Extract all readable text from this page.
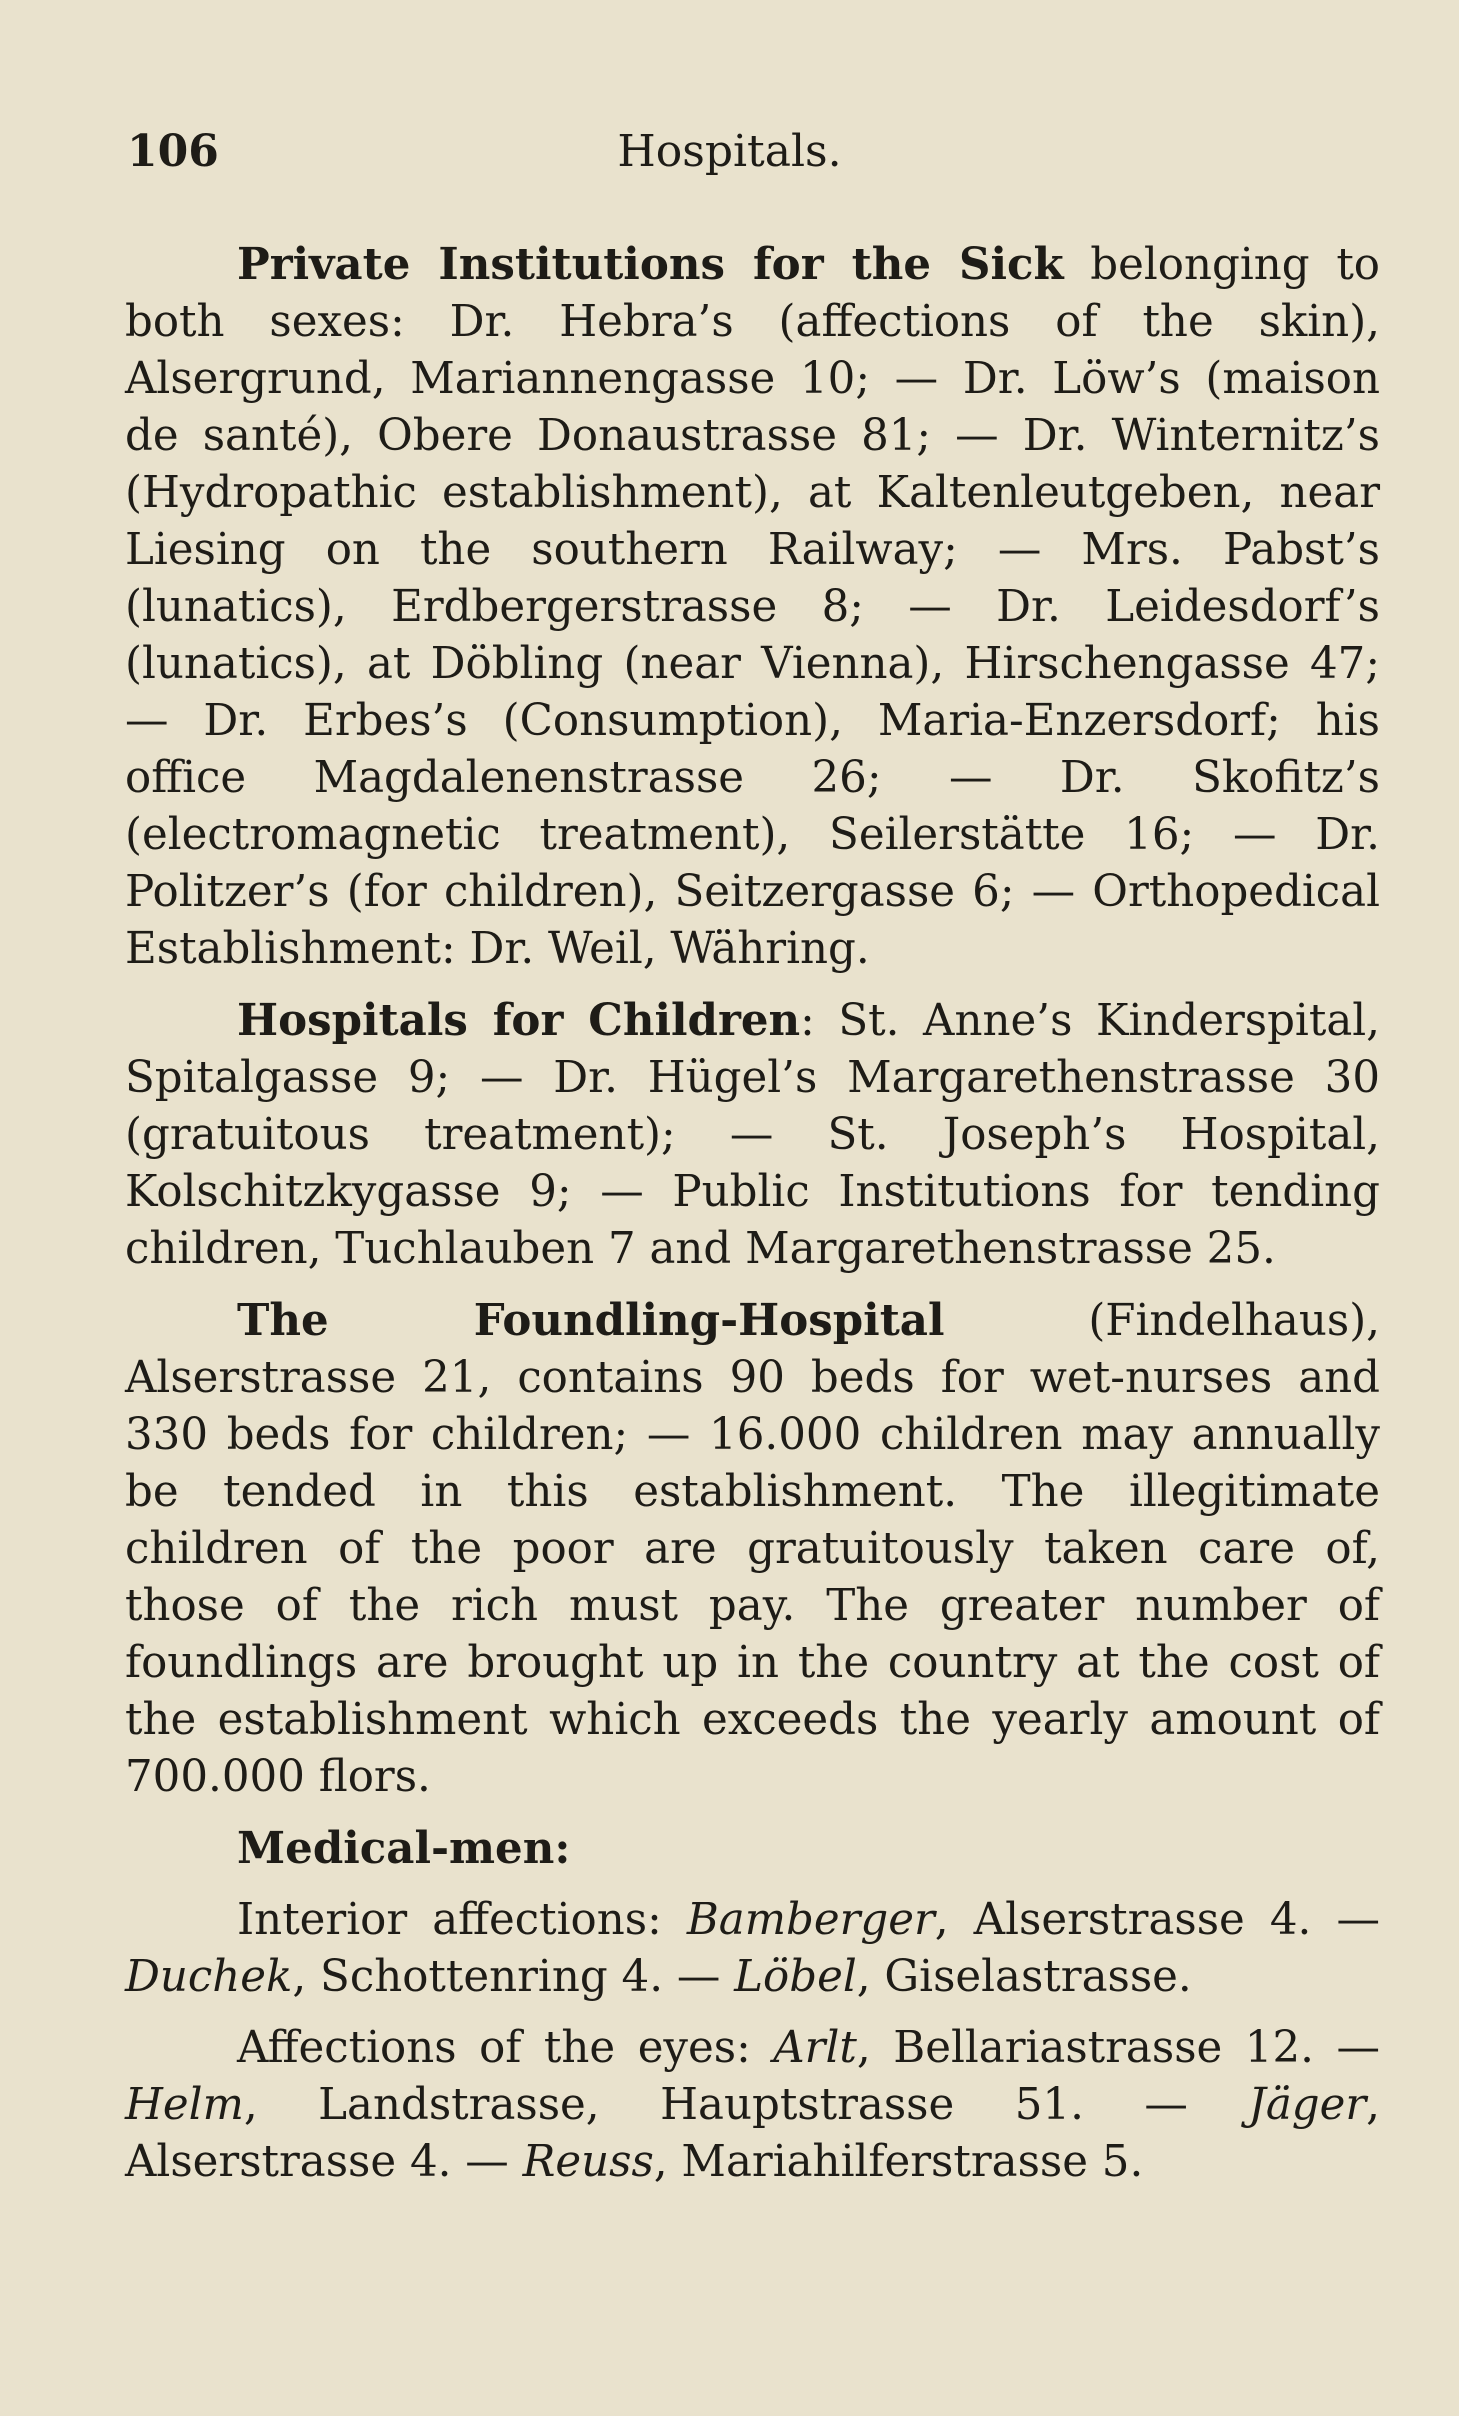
106	Hospitals.

Private Institutions for the Sick belonging to both sexes: Dr. Hebra’s (affections of the skin), Alsergrund, Mariannengasse 10; — Dr. Löw’s (maison de santé), Obere Donaustrasse 81; — Dr. Winternitz’s (Hydropathic establishment), at Kaltenleutgeben, near Liesing on the southern Railway; — Mrs. Pabst’s (lunatics), Erdbergerstrasse 8; — Dr. Leidesdorf’s (lunatics), at Döbling (near Vienna), Hirschengasse 47; — Dr. Erbes’s (Consumption), Maria-Enzersdorf; his office Magdalenenstrasse 26; — Dr. Skofitz’s (electromagnetic treatment), Seilerstätte 16; — Dr. Politzer’s (for children), Seitzergasse 6; — Orthopedical Establishment: Dr. Weil, Währing.

Hospitals for Children: St. Anne’s Kinderspital, Spitalgasse 9; — Dr. Hügel’s Margarethenstrasse 30 (gratuitous treatment); — St. Joseph’s Hospital, Kolschitzkygasse 9; — Public Institutions for tending children, Tuchlauben 7 and Margarethenstrasse 25.

The Foundling-Hospital (Findelhaus), Alserstrasse 21, contains 90 beds for wet-nurses and 330 beds for children; — 16.000 children may annually be tended in this establishment. The illegitimate children of the poor are gratuitously taken care of, those of the rich must pay. The greater number of foundlings are brought up in the country at the cost of the establishment which exceeds the yearly amount of 700.000 flors.

Medical-men:

Interior affections: Bamberger, Alserstrasse 4. — Duchek, Schottenring 4. — Löbel, Giselastrasse.

Affections of the eyes: Arlt, Bellariastrasse 12. — Helm, Landstrasse, Hauptstrasse 51. — Jäger, Alserstrasse 4. — Reuss, Mariahilferstrasse 5.
